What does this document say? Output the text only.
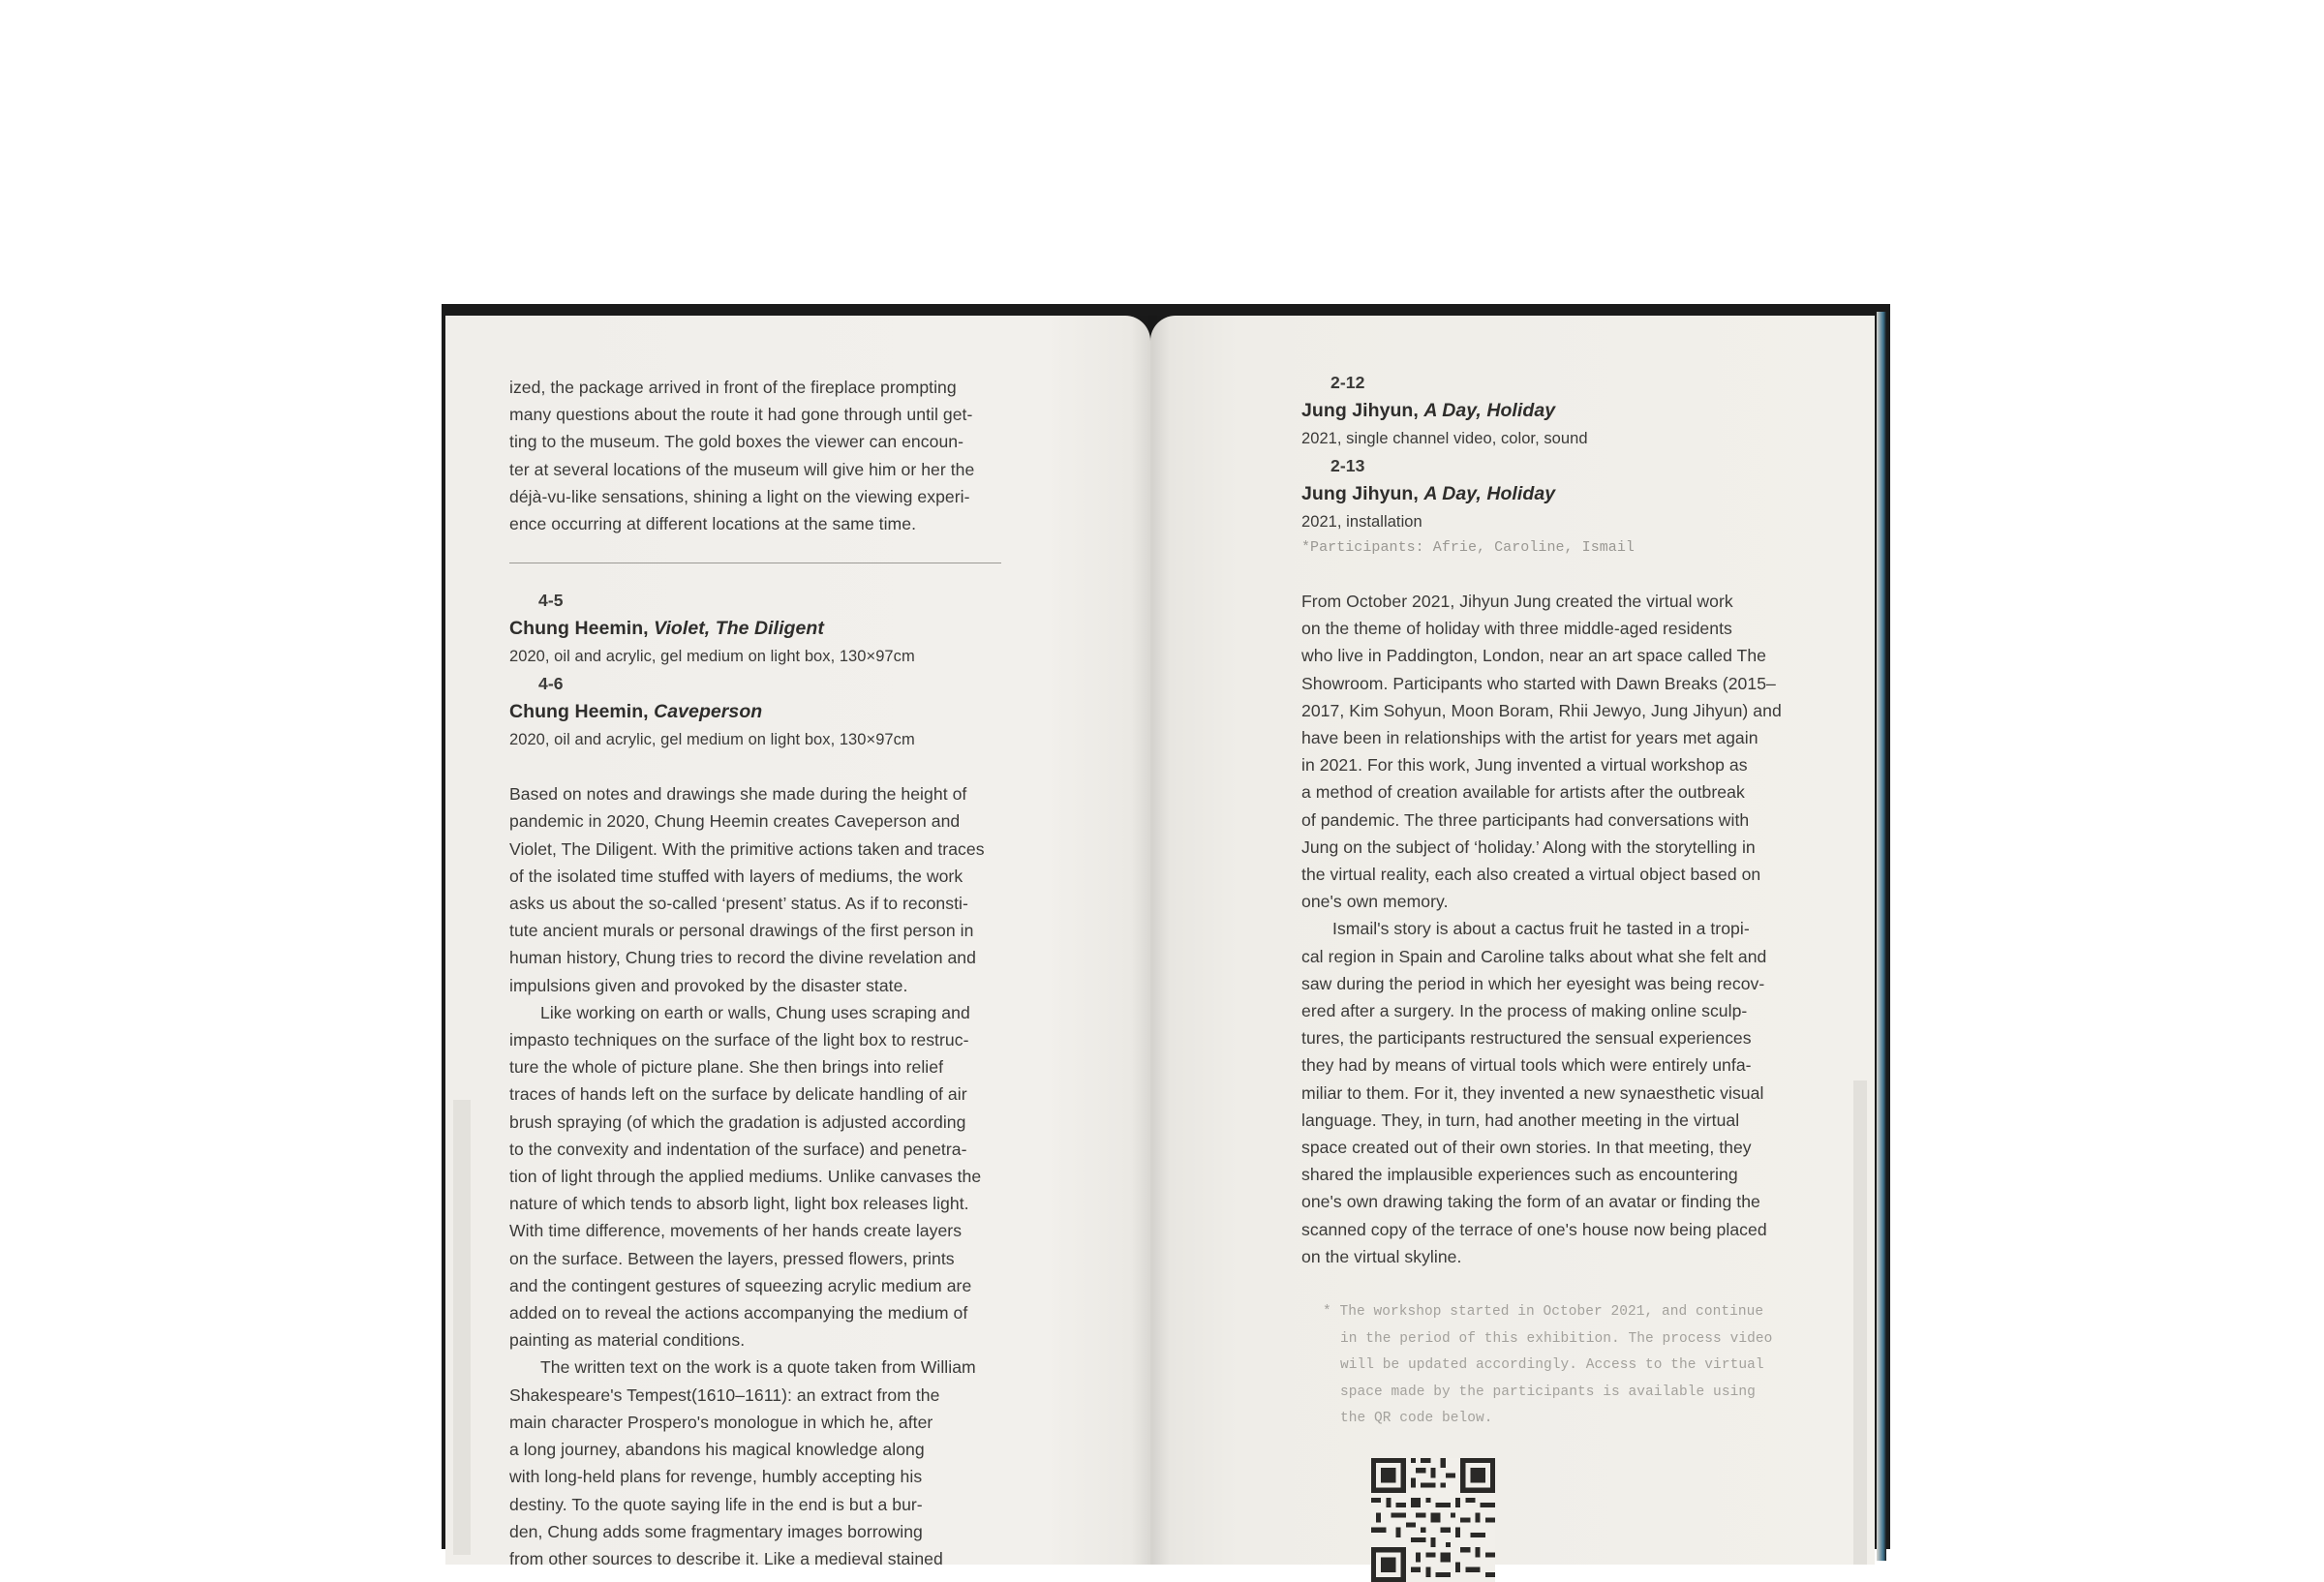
ized, the package arrived in front of the fireplace prompting
many questions about the route it had gone through until get-
ting to the museum. The gold boxes the viewer can encoun-
ter at several locations of the museum will give him or her the
déjà-vu-like sensations, shining a light on the viewing experi-
ence occurring at different locations at the same time.

4-5
Chung Heemin, Violet, The Diligent
2020, oil and acrylic, gel medium on light box, 130×97cm
4-6
Chung Heemin, Caveperson
2020, oil and acrylic, gel medium on light box, 130×97cm

Based on notes and drawings she made during the height of
pandemic in 2020, Chung Heemin creates Caveperson and
Violet, The Diligent. With the primitive actions taken and traces
of the isolated time stuffed with layers of mediums, the work
asks us about the so-called ‘present’ status. As if to reconsti-
tute ancient murals or personal drawings of the first person in
human history, Chung tries to record the divine revelation and
impulsions given and provoked by the disaster state.

Like working on earth or walls, Chung uses scraping and
impasto techniques on the surface of the light box to restruc-
ture the whole of picture plane. She then brings into relief
traces of hands left on the surface by delicate handling of air
brush spraying (of which the gradation is adjusted according
to the convexity and indentation of the surface) and penetra-
tion of light through the applied mediums. Unlike canvases the
nature of which tends to absorb light, light box releases light.
With time difference, movements of her hands create layers
on the surface. Between the layers, pressed flowers, prints
and the contingent gestures of squeezing acrylic medium are
added on to reveal the actions accompanying the medium of
painting as material conditions.

The written text on the work is a quote taken from William
Shakespeare's Tempest(1610–1611): an extract from the
main character Prospero's monologue in which he, after
a long journey, abandons his magical knowledge along
with long-held plans for revenge, humbly accepting his
destiny. To the quote saying life in the end is but a bur-
den, Chung adds some fragmentary images borrowing
from other sources to describe it. Like a medieval stained

2-12
Jung Jihyun, A Day, Holiday
2021, single channel video, color, sound
2-13
Jung Jihyun, A Day, Holiday
2021, installation
*Participants: Afrie, Caroline, Ismail

From October 2021, Jihyun Jung created the virtual work
on the theme of holiday with three middle-aged residents
who live in Paddington, London, near an art space called The
Showroom. Participants who started with Dawn Breaks (2015–
2017, Kim Sohyun, Moon Boram, Rhii Jewyo, Jung Jihyun) and
have been in relationships with the artist for years met again
in 2021. For this work, Jung invented a virtual workshop as
a method of creation available for artists after the outbreak
of pandemic. The three participants had conversations with
Jung on the subject of ‘holiday.’ Along with the storytelling in
the virtual reality, each also created a virtual object based on
one's own memory.

Ismail's story is about a cactus fruit he tasted in a tropi-
cal region in Spain and Caroline talks about what she felt and
saw during the period in which her eyesight was being recov-
ered after a surgery. In the process of making online sculp-
tures, the participants restructured the sensual experiences
they had by means of virtual tools which were entirely unfa-
miliar to them. For it, they invented a new synaesthetic visual
language. They, in turn, had another meeting in the virtual
space created out of their own stories. In that meeting, they
shared the implausible experiences such as encountering
one's own drawing taking the form of an avatar or finding the
scanned copy of the terrace of one's house now being placed
on the virtual skyline.

* The workshop started in October 2021, and continue
in the period of this exhibition. The process video
will be updated accordingly. Access to the virtual
space made by the participants is available using
the QR code below.
